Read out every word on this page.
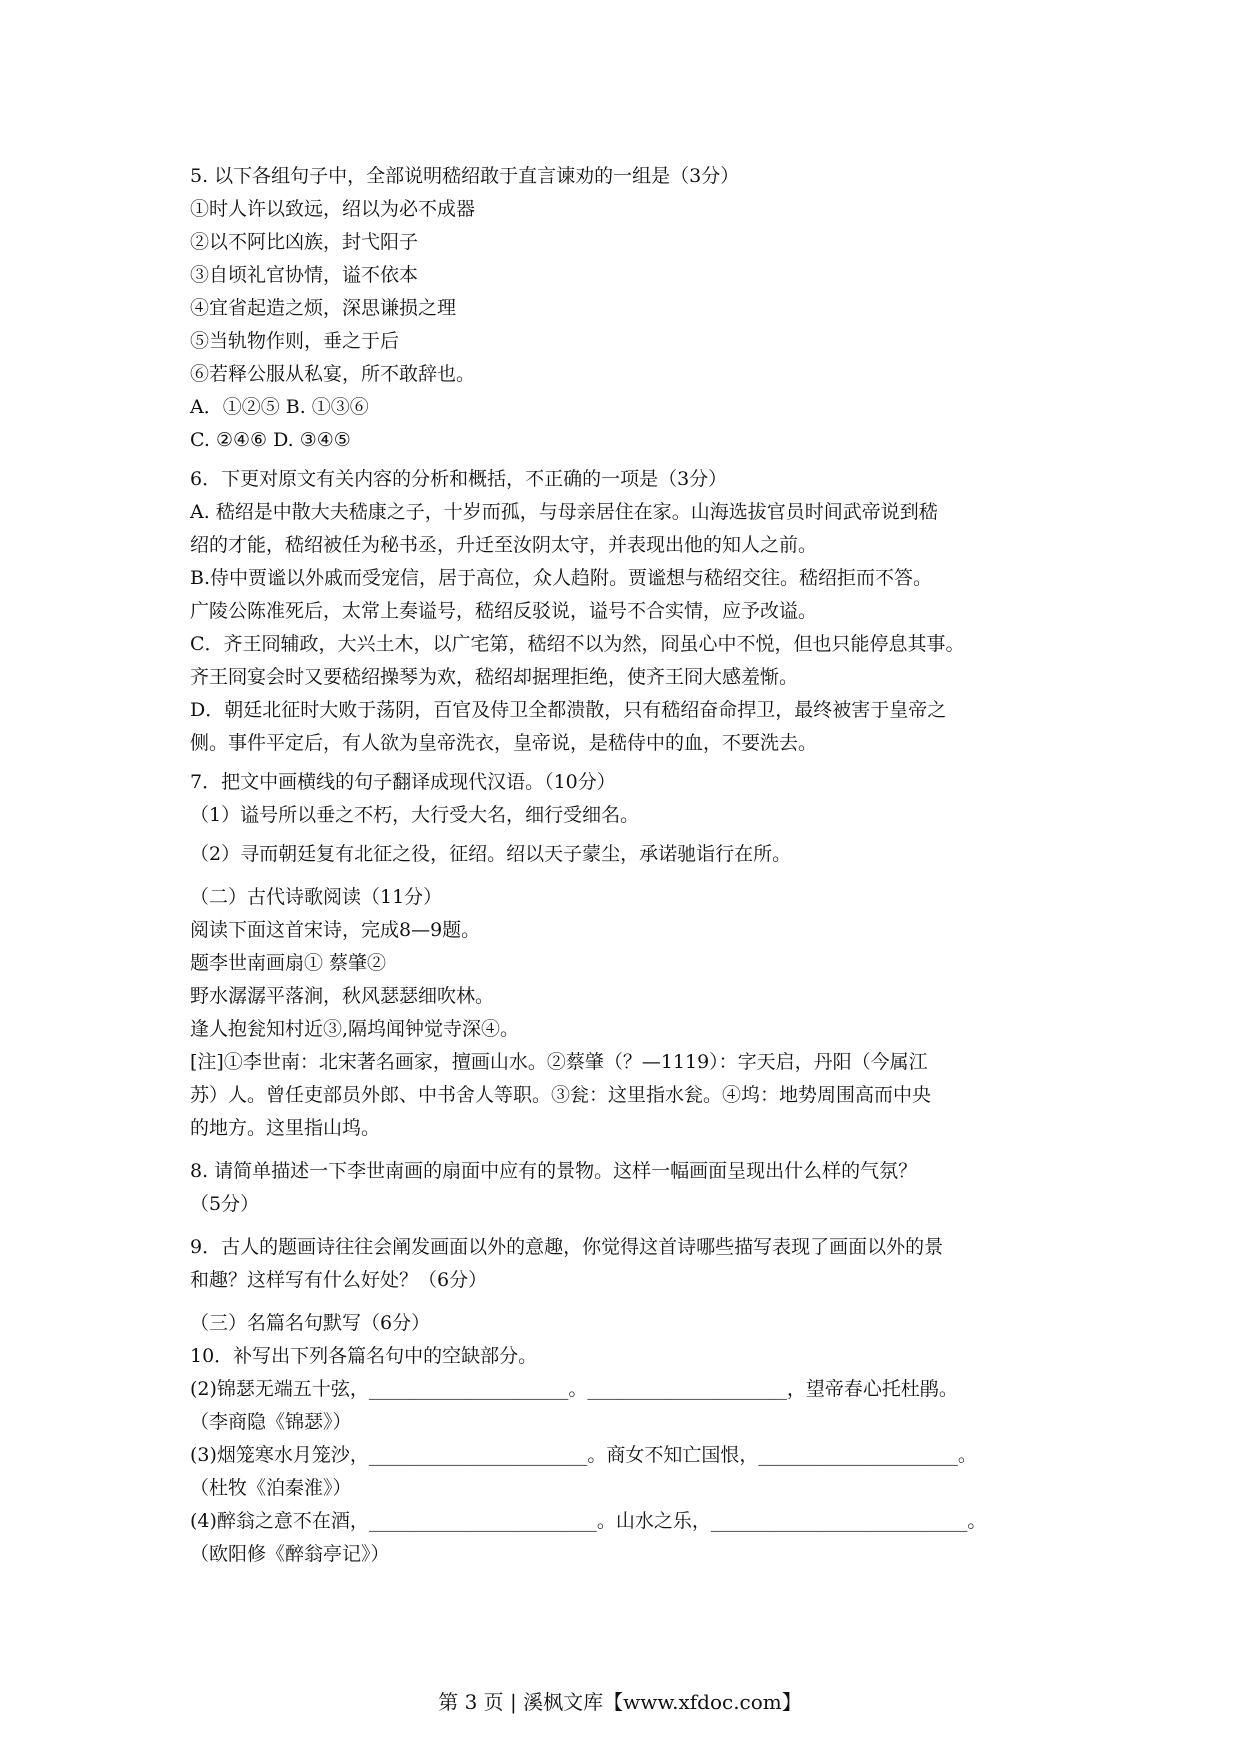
5. 以下各组句子中，全部说明嵇绍敢于直言谏劝的一组是（3分）
①时人许以致远，绍以为必不成器
②以不阿比凶族，封弋阳子
③自顷礼官协情，谥不依本
④宜省起造之烦，深思谦损之理
⑤当轨物作则，垂之于后
⑥若释公服从私宴，所不敢辞也。
A．①②⑤ B. ①③⑥
C. ②④⑥ D. ③④⑤
6．下更对原文有关内容的分析和概括，不正确的一项是（3分）
A. 嵇绍是中散大夫嵇康之子，十岁而孤，与母亲居住在家。山海选拔官员时间武帝说到嵇
绍的才能，嵇绍被任为秘书丞，升迁至汝阴太守，并表现出他的知人之前。
B.侍中贾谧以外戚而受宠信，居于高位，众人趋附。贾谧想与嵇绍交往。嵇绍拒而不答。
广陵公陈准死后，太常上奏谥号，嵇绍反驳说，谥号不合实情，应予改谥。
C．齐王冏辅政，大兴土木，以广宅第，嵇绍不以为然，冏虽心中不悦，但也只能停息其事。
齐王冏宴会时又要嵇绍操琴为欢，嵇绍却据理拒绝，使齐王冏大感羞惭。
D．朝廷北征时大败于荡阴，百官及侍卫全都溃散，只有嵇绍奋命捍卫，最终被害于皇帝之
侧。事件平定后，有人欲为皇帝洗衣，皇帝说，是嵇侍中的血，不要洗去。
7．把文中画横线的句子翻译成现代汉语。（10分）
（1）谥号所以垂之不朽，大行受大名，细行受细名。
（2）寻而朝廷复有北征之役，征绍。绍以天子蒙尘，承诺驰诣行在所。
（二）古代诗歌阅读（11分）
阅读下面这首宋诗，完成8—9题。
题李世南画扇① 蔡肇②
野水潺潺平落涧，秋风瑟瑟细吹林。
逢人抱瓮知村近③,隔坞闻钟觉寺深④。
[注]①李世南：北宋著名画家，擅画山水。②蔡肇（？—1119）：字天启，丹阳（今属江
苏）人。曾任吏部员外郎、中书舍人等职。③瓮：这里指水瓮。④坞：地势周围高而中央
的地方。这里指山坞。
8. 请简单描述一下李世南画的扇面中应有的景物。这样一幅画面呈现出什么样的气氛？
（5分）
9．古人的题画诗往往会阐发画面以外的意趣，你觉得这首诗哪些描写表现了画面以外的景
和趣？这样写有什么好处？（6分）
（三）名篇名句默写（6分）
10．补写出下列各篇名句中的空缺部分。
(2)锦瑟无端五十弦，_____________________。_____________________，望帝春心托杜鹃。
（李商隐《锦瑟》）
(3)烟笼寒水月笼沙，_______________________。商女不知亡国恨，_____________________。
（杜牧《泊秦淮》）
(4)醉翁之意不在酒，________________________。山水之乐，___________________________。
（欧阳修《醉翁亭记》）
第 3 页 | 溪枫文库【www.xfdoc.com】
